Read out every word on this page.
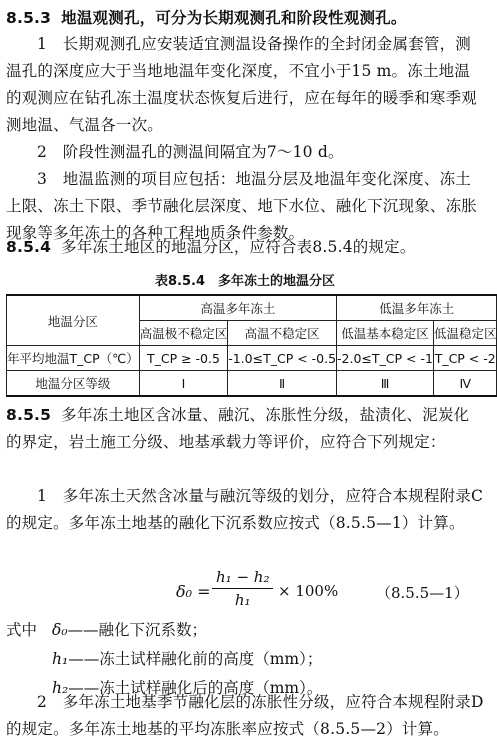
8.5.3 地温观测孔，可分为长期观测孔和阶段性观测孔。

1　长期观测孔应安装适宜测温设备操作的全封闭金属套管，测温孔的深度应大于当地地温年变化深度，不宜小于15 m。冻土地温的观测应在钻孔冻土温度状态恢复后进行，应在每年的暖季和寒季观测地温、气温各一次。

2　阶段性测温孔的测温间隔宜为7～10 d。

3　地温监测的项目应包括：地温分层及地温年变化深度、冻土上限、冻土下限、季节融化层深度、地下水位、融化下沉现象、冻胀现象等多年冻土的各种工程地质条件参数。

8.5.4 多年冻土地区的地温分区，应符合表8.5.4的规定。

表8.5.4　多年冻土的地温分区
地温分区	高温多年冻土		低温多年冻土	
	高温极不稳定区	高温不稳定区	低温基本稳定区	低温稳定区
年平均地温T_CP（℃）	T_CP ≥ -0.5	-1.0≤T_CP < -0.5	-2.0≤T_CP < -1	T_CP < -2
地温分区等级	Ⅰ	Ⅱ	Ⅲ	Ⅳ

8.5.5 多年冻土地区含冰量、融沉、冻胀性分级，盐渍化、泥炭化的界定，岩土施工分级、地基承载力等评价，应符合下列规定：

1　多年冻土天然含冰量与融沉等级的划分，应符合本规程附录C的规定。多年冻土地基的融化下沉系数应按式（8.5.5—1）计算。

$\delta_0 = \frac{\text{h₁ − h₂}}{\text{h₁}} \times 100\%$	（8.5.5—1）
式中 δ₀——融化下沉系数；
h₁——冻土试样融化前的高度（mm）；
h₂——冻土试样融化后的高度（mm）。

2　多年冻土地基季节融化层的冻胀性分级，应符合本规程附录D的规定。多年冻土地基的平均冻胀率应按式（8.5.5—2）计算。
